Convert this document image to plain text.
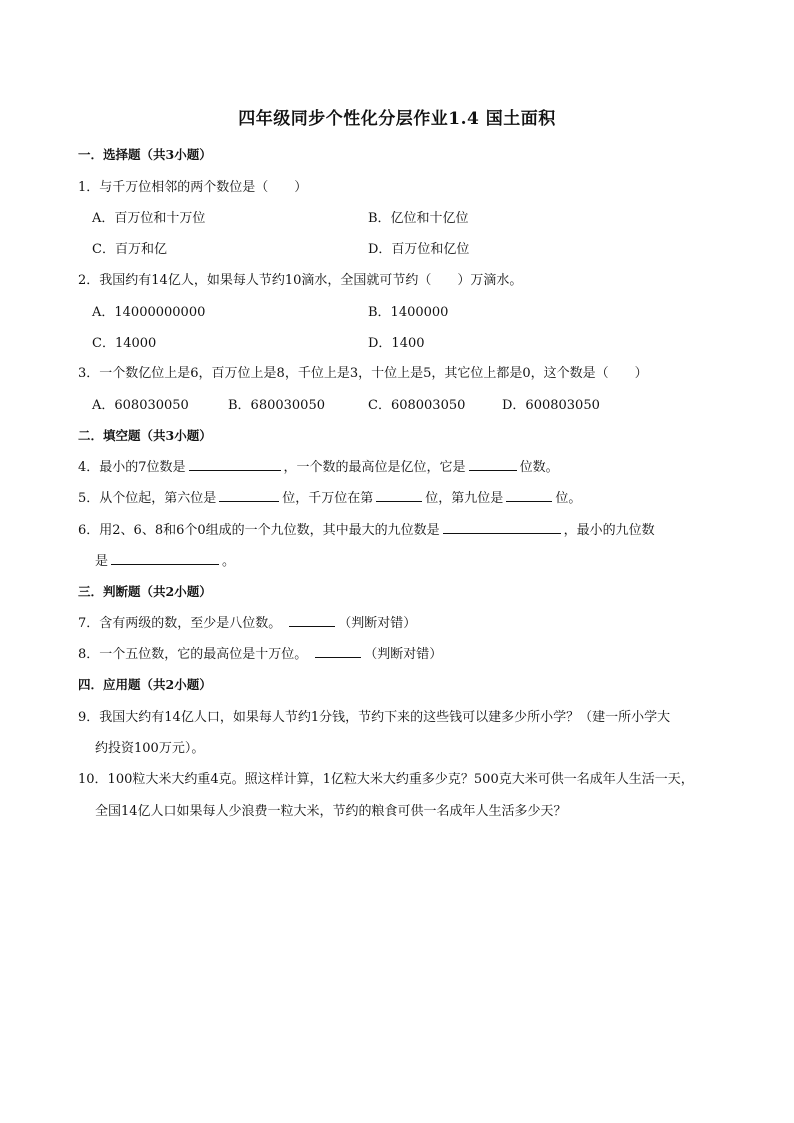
四年级同步个性化分层作业1.4 国土面积
一．选择题（共3小题）
1．与千万位相邻的两个数位是（　　）
A．百万位和十万位	B．亿位和十亿位
C．百万和亿	D．百万位和亿位
2．我国约有14亿人，如果每人节约10滴水，全国就可节约（　　）万滴水。
A．14000000000	B．1400000
C．14000	D．1400
3．一个数亿位上是6，百万位上是8，千位上是3，十位上是5，其它位上都是0，这个数是（　　）
A．608030050	B．680030050	C．608003050	D．600803050
二．填空题（共3小题）
4．最小的7位数是	，一个数的最高位是亿位，它是	位数。
5．从个位起，第六位是	位，千万位在第	位，第九位是	位。
6．用2、6、8和6个0组成的一个九位数，其中最大的九位数是	，最小的九位数
是	。
三．判断题（共2小题）
7．含有两级的数，至少是八位数。	（判断对错）
8．一个五位数，它的最高位是十万位。	（判断对错）
四．应用题（共2小题）
9．我国大约有14亿人口，如果每人节约1分钱，节约下来的这些钱可以建多少所小学？（建一所小学大
约投资100万元）。
10．100粒大米大约重4克。照这样计算，1亿粒大米大约重多少克？500克大米可供一名成年人生活一天，
全国14亿人口如果每人少浪费一粒大米，节约的粮食可供一名成年人生活多少天？
